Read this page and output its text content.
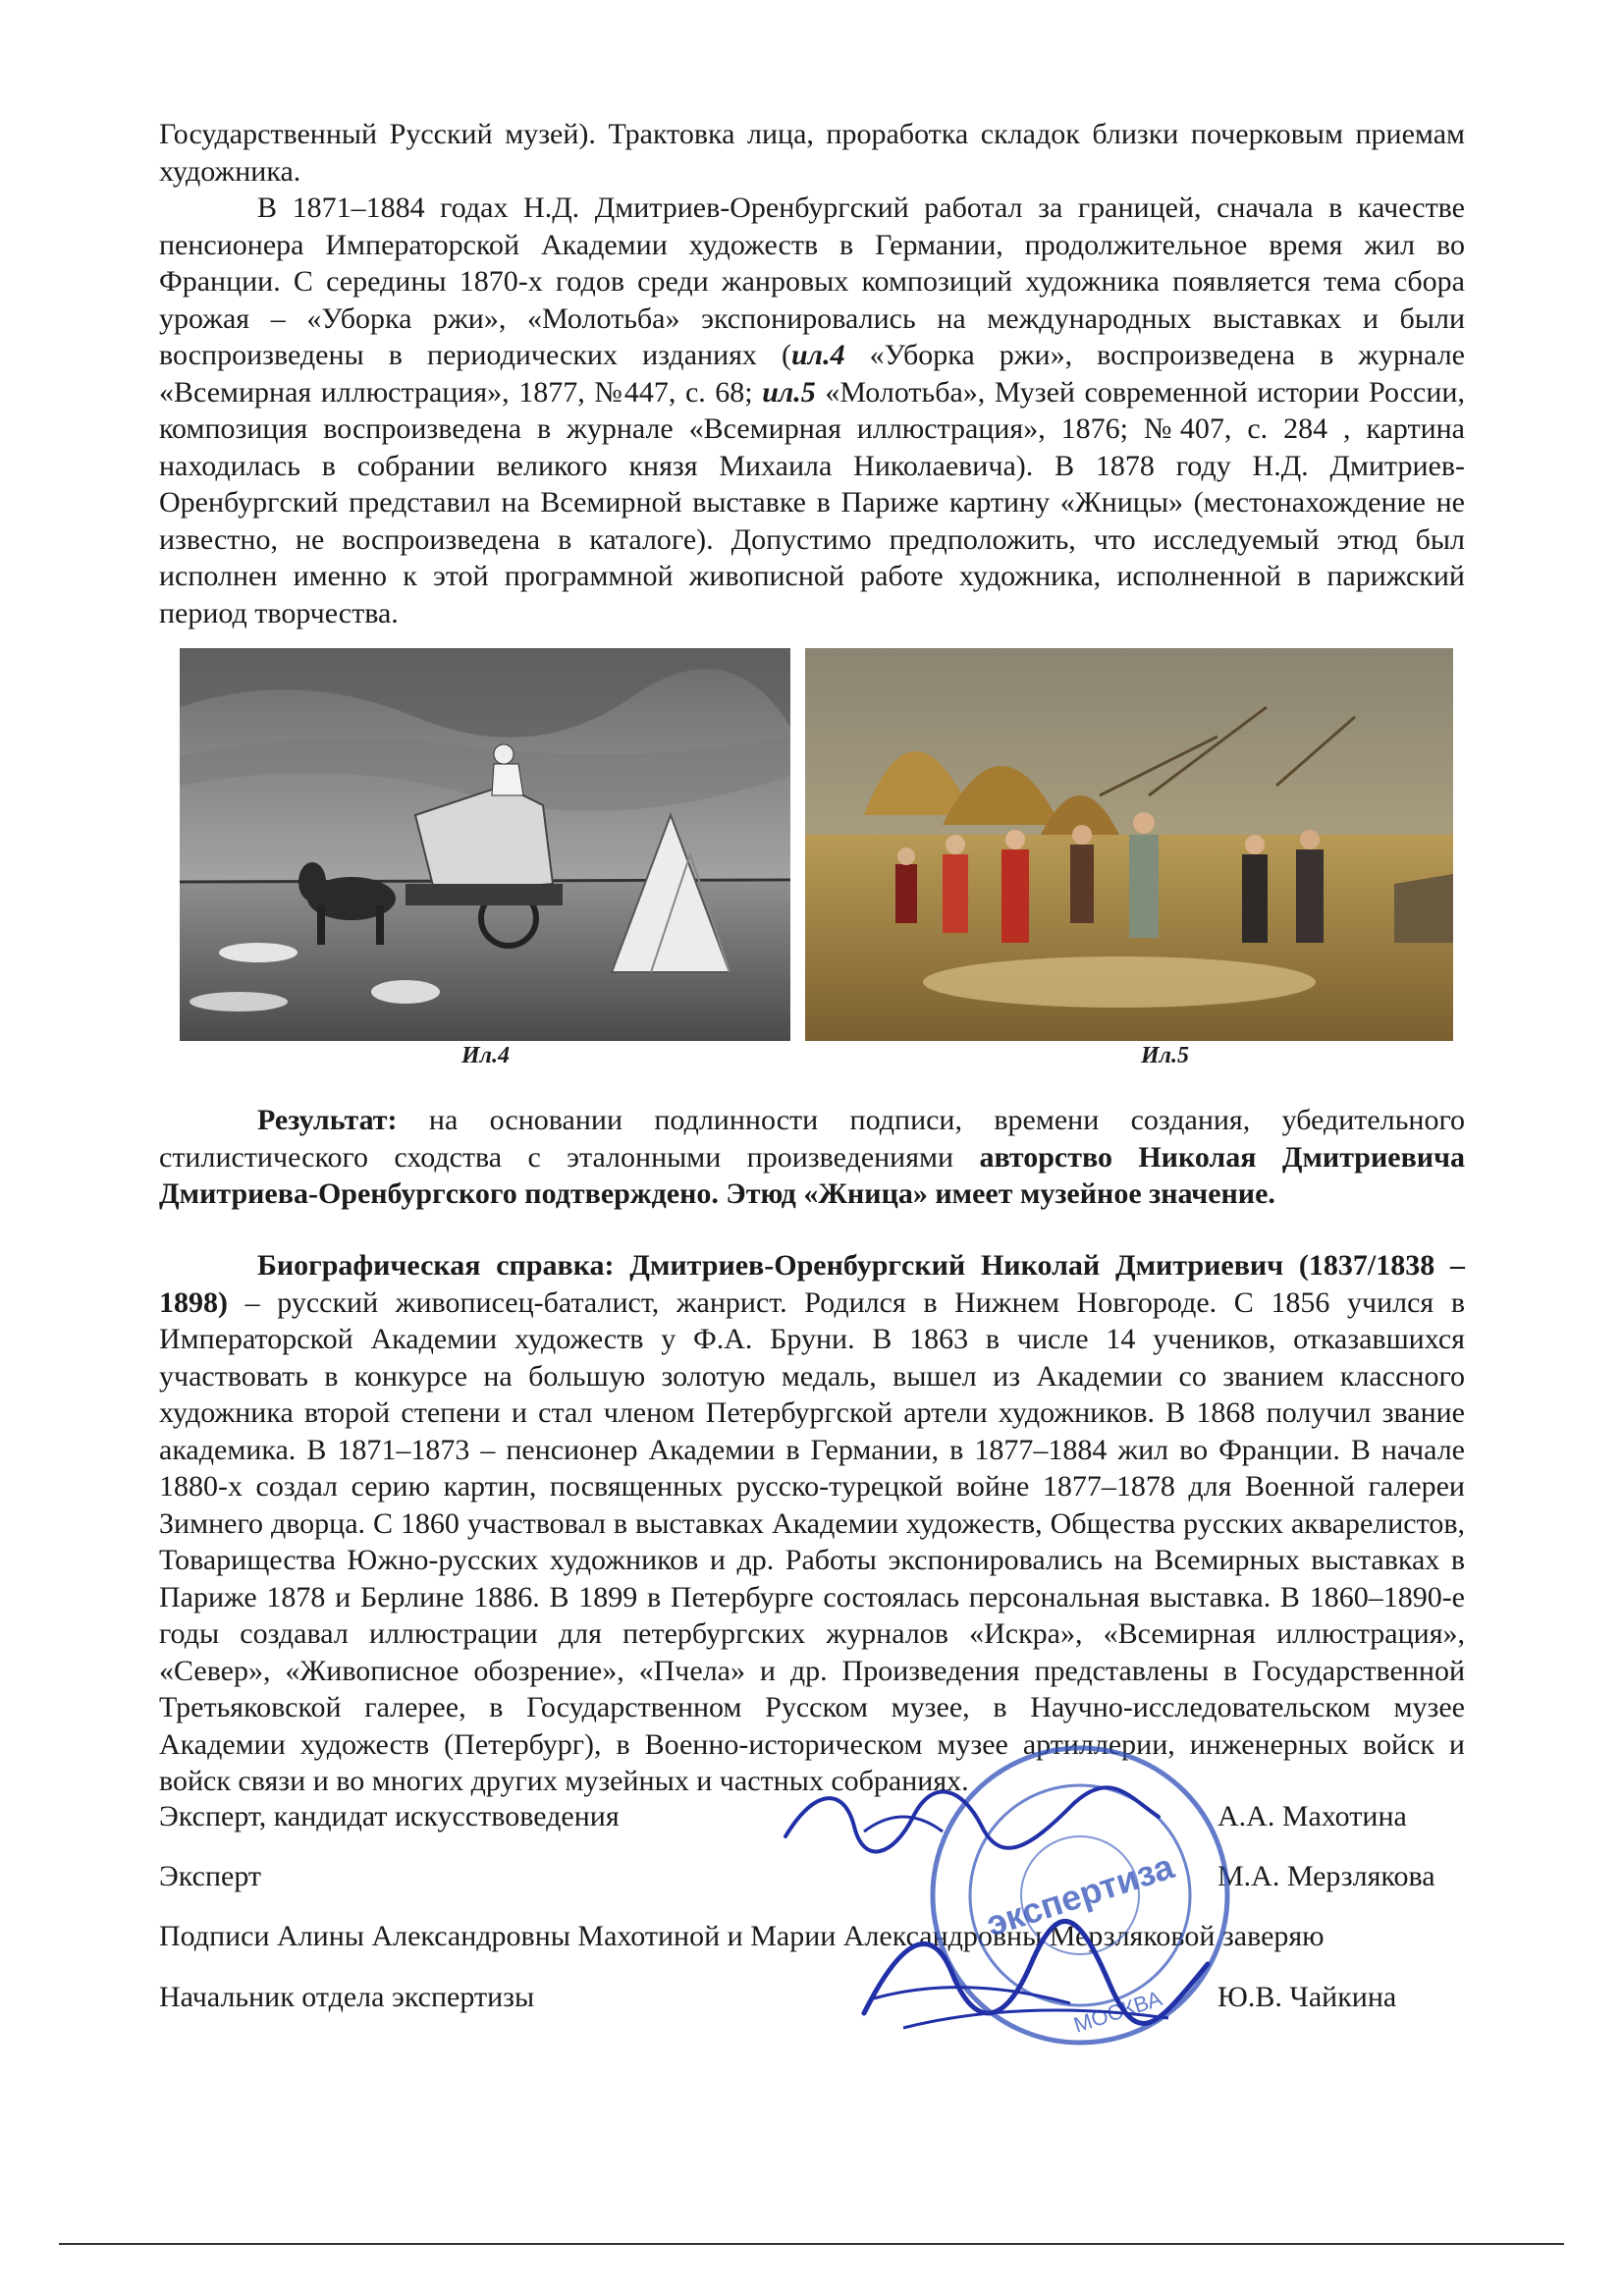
Государственный Русский музей). Трактовка лица, проработка складок близки почерковым приемам художника.

В 1871–1884 годах Н.Д. Дмитриев-Оренбургский работал за границей, сначала в качестве пенсионера Императорской Академии художеств в Германии, продолжительное время жил во Франции. С середины 1870-х годов среди жанровых композиций художника появляется тема сбора урожая – «Уборка ржи», «Молотьба» экспонировались на международных выставках и были воспроизведены в периодических изданиях (ил.4 «Уборка ржи», воспроизведена в журнале «Всемирная иллюстрация», 1877, №447, с. 68; ил.5 «Молотьба», Музей современной истории России, композиция воспроизведена в журнале «Всемирная иллюстрация», 1876; №407, с. 284 , картина находилась в собрании великого князя Михаила Николаевича). В 1878 году Н.Д. Дмитриев-Оренбургский представил на Всемирной выставке в Париже картину «Жницы» (местонахождение не известно, не воспроизведена в каталоге). Допустимо предположить, что исследуемый этюд был исполнен именно к этой программной живописной работе художника, исполненной в парижский период творчества.

Ил.4	Ил.5

Результат: на основании подлинности подписи, времени создания, убедительного стилистического сходства с эталонными произведениями авторство Николая Дмитриевича Дмитриева-Оренбургского подтверждено. Этюд «Жница» имеет музейное значение.

Биографическая справка: Дмитриев-Оренбургский Николай Дмитриевич (1837/1838 – 1898) – русский живописец-баталист, жанрист. Родился в Нижнем Новгороде. С 1856 учился в Императорской Академии художеств у Ф.А. Бруни. В 1863 в числе 14 учеников, отказавшихся участвовать в конкурсе на большую золотую медаль, вышел из Академии со званием классного художника второй степени и стал членом Петербургской артели художников. В 1868 получил звание академика. В 1871–1873 – пенсионер Академии в Германии, в 1877–1884 жил во Франции. В начале 1880-х создал серию картин, посвященных русско-турецкой войне 1877–1878 для Военной галереи Зимнего дворца. С 1860 участвовал в выставках Академии художеств, Общества русских акварелистов, Товарищества Южно-русских художников и др. Работы экспонировались на Всемирных выставках в Париже 1878 и Берлине 1886. В 1899 в Петербурге состоялась персональная выставка. В 1860–1890-е годы создавал иллюстрации для петербургских журналов «Искра», «Всемирная иллюстрация», «Север», «Живописное обозрение», «Пчела» и др. Произведения представлены в Государственной Третьяковской галерее, в Государственном Русском музее, в Научно-исследовательском музее Академии художеств (Петербург), в Военно-историческом музее артиллерии, инженерных войск и войск связи и во многих других музейных и частных собраниях.

Эксперт, кандидат искусствоведения	А.А. Махотина
Эксперт	М.А. Мерзлякова
Подписи Алины Александровны Махотиной и Марии Александровны Мерзляковой заверяю
Начальник отдела экспертизы	Ю.В. Чайкина
экспертиза
МОСКВА
